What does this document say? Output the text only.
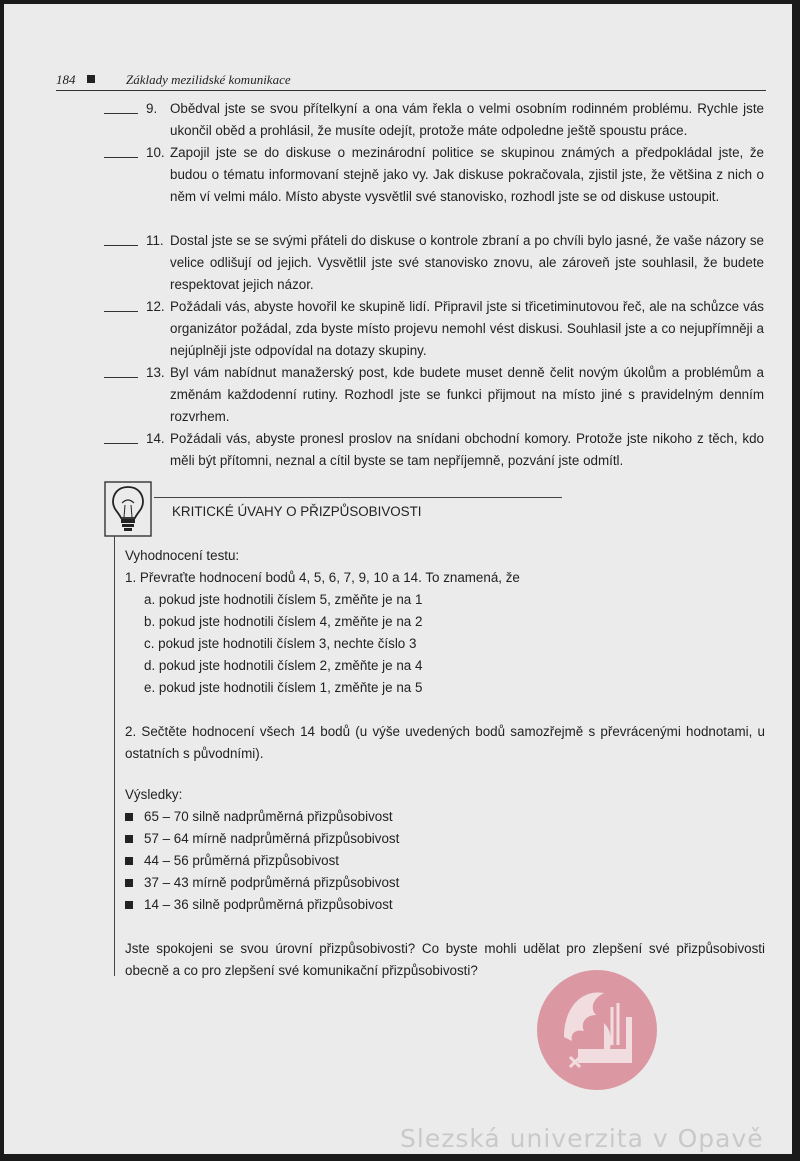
184	Základy mezilidské komunikace
9. Obědval jste se svou přítelkyní a ona vám řekla o velmi osobním rodinném problému. Rychle jste ukončil oběd a prohlásil, že musíte odejít, protože máte odpoledne ještě spoustu práce.
10. Zapojil jste se do diskuse o mezinárodní politice se skupinou známých a předpokládal jste, že budou o tématu informovaní stejně jako vy. Jak diskuse pokračovala, zjistil jste, že většina z nich o něm ví velmi málo. Místo abyste vysvětlil své stanovisko, rozhodl jste se od diskuse ustoupit.
11. Dostal jste se se svými přáteli do diskuse o kontrole zbraní a po chvíli bylo jasné, že vaše názory se velice odlišují od jejich. Vysvětlil jste své stanovisko znovu, ale zároveň jste souhlasil, že budete respektovat jejich názor.
12. Požádali vás, abyste hovořil ke skupině lidí. Připravil jste si třicetiminutovou řeč, ale na schůzce vás organizátor požádal, zda byste místo projevu nemohl vést diskusi. Souhlasil jste a co nejupřímněji a nejúplněji jste odpovídal na dotazy skupiny.
13. Byl vám nabídnut manažerský post, kde budete muset denně čelit novým úkolům a problémům a změnám každodenní rutiny. Rozhodl jste se funkci přijmout na místo jiné s pravidelným denním rozvrhem.
14. Požádali vás, abyste pronesl proslov na snídani obchodní komory. Protože jste nikoho z těch, kdo měli být přítomni, neznal a cítil byste se tam nepříjemně, pozvání jste odmítl.
KRITICKÉ ÚVAHY O PŘIZPŮSOBIVOSTI
Vyhodnocení testu:
1. Převraťte hodnocení bodů 4, 5, 6, 7, 9, 10 a 14. To znamená, že
a. pokud jste hodnotili číslem 5, změňte je na 1
b. pokud jste hodnotili číslem 4, změňte je na 2
c. pokud jste hodnotili číslem 3, nechte číslo 3
d. pokud jste hodnotili číslem 2, změňte je na 4
e. pokud jste hodnotili číslem 1, změňte je na 5
2. Sečtěte hodnocení všech 14 bodů (u výše uvedených bodů samozřejmě s převrácenými hodnotami, u ostatních s původními).
Výsledky:
65 – 70 silně nadprůměrná přizpůsobivost
57 – 64 mírně nadprůměrná přizpůsobivost
44 – 56 průměrná přizpůsobivost
37 – 43 mírně podprůměrná přizpůsobivost
14 – 36 silně podprůměrná přizpůsobivost
Jste spokojeni se svou úrovní přizpůsobivosti? Co byste mohli udělat pro zlepšení své přizpůsobivosti obecně a co pro zlepšení své komunikační přizpůsobivosti?
Slezská univerzita v Opavě
